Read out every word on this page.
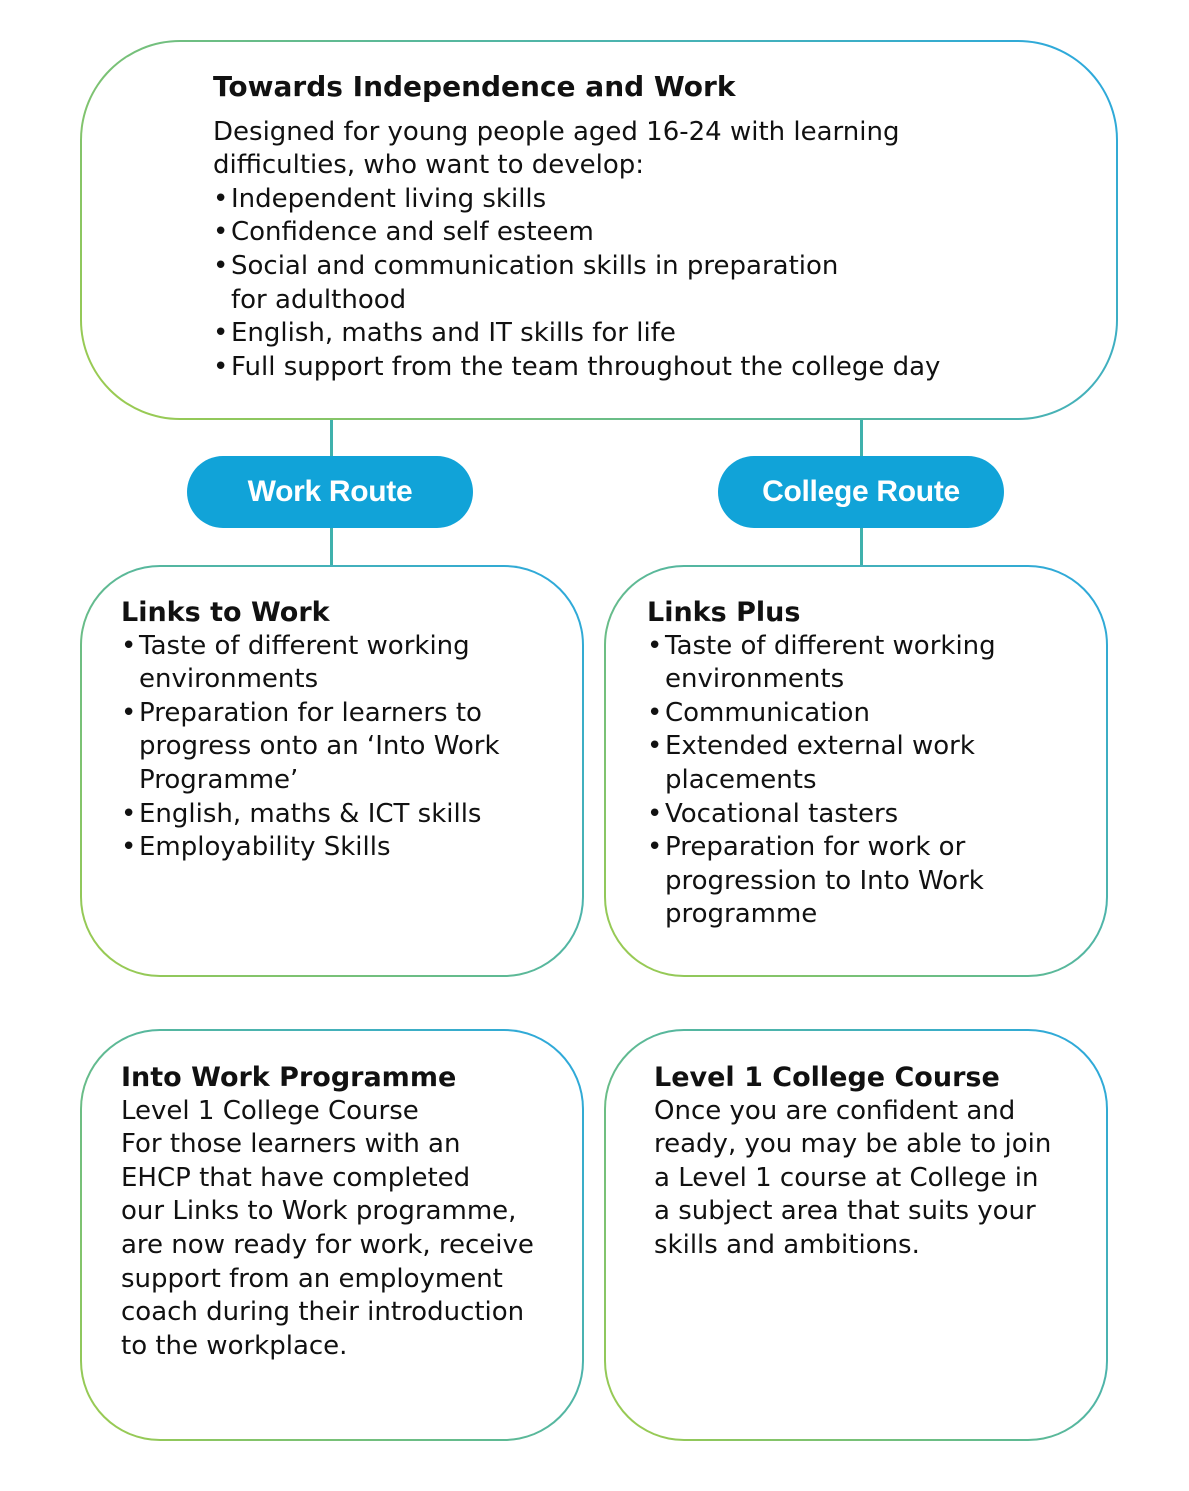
Work Route	College Route
Towards Independence and Work
Designed for young people aged 16-24 with learning
difficulties, who want to develop:
• Independent living skills
• Confidence and self esteem
• Social and communication skills in preparation
for adulthood
• English, maths and IT skills for life
• Full support from the team throughout the college day
Links to Work
• Taste of different working
environments
• Preparation for learners to
progress onto an ‘Into Work
Programme’
• English, maths & ICT skills
• Employability Skills
Links Plus
• Taste of different working
environments
• Communication
• Extended external work
placements
• Vocational tasters
• Preparation for work or
progression to Into Work
programme
Into Work Programme
Level 1 College Course
For those learners with an
EHCP that have completed
our Links to Work programme,
are now ready for work, receive
support from an employment
coach during their introduction
to the workplace.
Level 1 College Course
Once you are confident and
ready, you may be able to join
a Level 1 course at College in
a subject area that suits your
skills and ambitions.
